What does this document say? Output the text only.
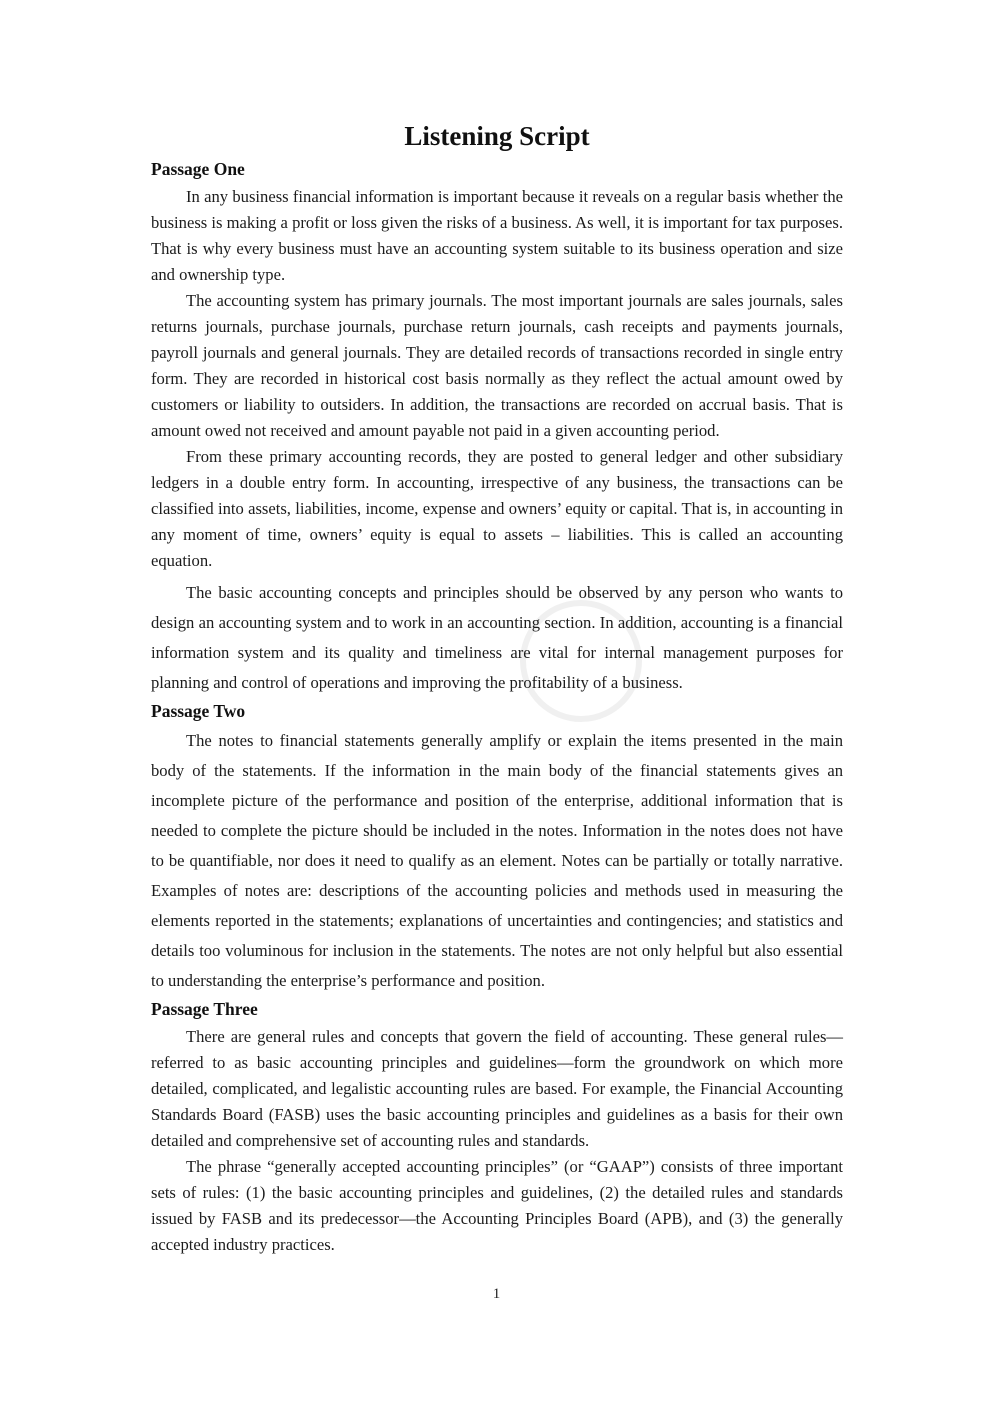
Listening Script
Passage One

In any business financial information is important because it reveals on a regular basis whether the business is making a profit or loss given the risks of a business. As well, it is important for tax purposes. That is why every business must have an accounting system suitable to its business operation and size and ownership type.

The accounting system has primary journals. The most important journals are sales journals, sales returns journals, purchase journals, purchase return journals, cash receipts and payments journals, payroll journals and general journals. They are detailed records of transactions recorded in single entry form. They are recorded in historical cost basis normally as they reflect the actual amount owed by customers or liability to outsiders. In addition, the transactions are recorded on accrual basis. That is amount owed not received and amount payable not paid in a given accounting period.

From these primary accounting records, they are posted to general ledger and other subsidiary ledgers in a double entry form. In accounting, irrespective of any business, the transactions can be classified into assets, liabilities, income, expense and owners’ equity or capital. That is, in accounting in any moment of time, owners’ equity is equal to assets – liabilities. This is called an accounting equation.

The basic accounting concepts and principles should be observed by any person who wants to design an accounting system and to work in an accounting section. In addition, accounting is a financial information system and its quality and timeliness are vital for internal management purposes for planning and control of operations and improving the profitability of a business.

Passage Two

The notes to financial statements generally amplify or explain the items presented in the main body of the statements. If the information in the main body of the financial statements gives an incomplete picture of the performance and position of the enterprise, additional information that is needed to complete the picture should be included in the notes. Information in the notes does not have to be quantifiable, nor does it need to qualify as an element. Notes can be partially or totally narrative. Examples of notes are: descriptions of the accounting policies and methods used in measuring the elements reported in the statements; explanations of uncertainties and contingencies; and statistics and details too voluminous for inclusion in the statements. The notes are not only helpful but also essential to understanding the enterprise’s performance and position.

Passage Three

There are general rules and concepts that govern the field of accounting. These general rules—referred to as basic accounting principles and guidelines—form the groundwork on which more detailed, complicated, and legalistic accounting rules are based. For example, the Financial Accounting Standards Board (FASB) uses the basic accounting principles and guidelines as a basis for their own detailed and comprehensive set of accounting rules and standards.

The phrase “generally accepted accounting principles” (or “GAAP”) consists of three important sets of rules: (1) the basic accounting principles and guidelines, (2) the detailed rules and standards issued by FASB and its predecessor—the Accounting Principles Board (APB), and (3) the generally accepted industry practices.

1
